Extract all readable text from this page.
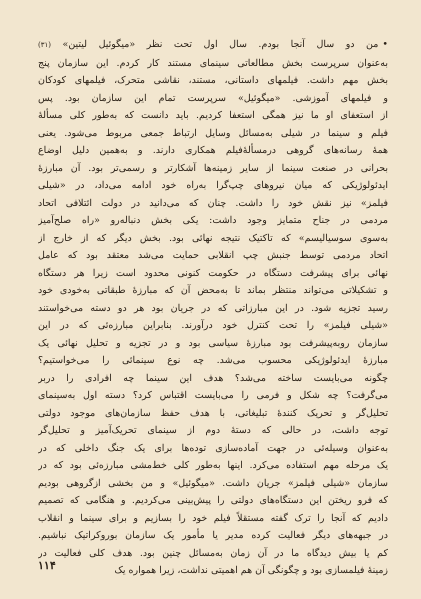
•من دو سال آنجا بودم. سال اول تحت نظر «میگوئیل لیتین» (٣١)
به‌عنوان سرپرست بخش مطالعاتی سینمای مستند کار کردم. این سازمان پنج
بخش مهم داشت. فیلمهای داستانی، مستند، نقاشی متحرک، فیلمهای کودکان
و فیلمهای آموزشی. «میگوئیل» سرپرست تمام این سازمان بود. پس
از استعفای او ما نیز همگی استعفا کردیم. باید دانست که به‌طور کلی مسألهٔ
فیلم و سینما در شیلی به‌مسائل وسایل ارتباط جمعی مربوط می‌شود. یعنی
همهٔ رسانه‌های گروهی درمسألهٔ‌فیلم همکاری دارند. و به‌همین دلیل اوضاع
بحرانی در صنعت سینما از سایر زمینه‌ها آشکارتر و رسمی‌تر بود. آن مبارزهٔ
ایدئولوژیکی که میان نیروهای چپ‌گرا به‌راه خود ادامه می‌داد، در «شیلی
فیلمز» نیز نقش خود را داشت. چنان که می‌دانید در دولت ائتلافی اتحاد
مردمی در جناح متمایز وجود داشت: یکی بخش دنباله‌رو «راه صلح‌آمیز
به‌سوی سوسیالیسم» که تاکتیک نتیجه نهائی بود. بخش دیگر که از خارج از
اتحاد مردمی توسط جنبش چپ انقلابی حمایت می‌شد معتقد بود که عامل
نهائی برای پیشرفت دستگاه در حکومت کنونی محدود است زیرا هر دستگاه
و تشکیلاتی می‌تواند منتظر بماند تا به‌محض آن که مبارزهٔ طبقاتی به‌خودی خود
رسید تجزیه شود. در این مبارزاتی که در جریان بود هر دو دسته می‌خواستند
«شیلی فیلمز» را تحت کنترل خود درآورند. بنابراین مبارزه‌ئی که در این
سازمان روبه‌پیشرفت بود مبارزهٔ سیاسی بود و در تجزیه و تحلیل نهائی یک
مبارزهٔ ایدئولوژیکی محسوب می‌شد. چه نوع سینمائی را می‌خواستیم؟
چگونه می‌بایست ساخته می‌شد؟ هدف این سینما چه افرادی را دربر
می‌گرفت؟ چه شکل و فرمی را می‌بایست اقتباس کرد؟ دسته اول به‌سینمای
تحلیل‌گر و تحریک کنندهٔ تبلیغاتی، با هدف حفظ سازمان‌های موجود دولتی
توجه داشت، در حالی که دستهٔ دوم از سینمای تحریک‌آمیز و تحلیل‌گر
به‌عنوان وسیله‌ئی در جهت آماده‌سازی توده‌ها برای یک جنگ داخلی که در
یک مرحله مهم استفاده می‌کرد. اینها به‌طور کلی خط‌مشی مبارزه‌ئی بود که در
سازمان «شیلی فیلمز» جریان داشت. «میگوئیل» و من بخشی ازگروهی بودیم
که فرو ریختن این دستگاه‌های دولتی را پیش‌بینی می‌کردیم. و هنگامی که تصمیم
دادیم که آنجا را ترک گفته مستقلاً فیلم خود را بسازیم و برای سینما و انقلاب
در جبهه‌های دیگر فعالیت کرده مدیر یا مأمور یک سازمان بوروکراتیک نباشیم.
کم یا بیش دیدگاه ما در آن زمان به‌مسائل چنین بود. هدف کلی فعالیت در
زمینهٔ فیلمسازی بود و چگونگی آن هم اهمیتی نداشت، زیرا همواره یک
۱۱۴
